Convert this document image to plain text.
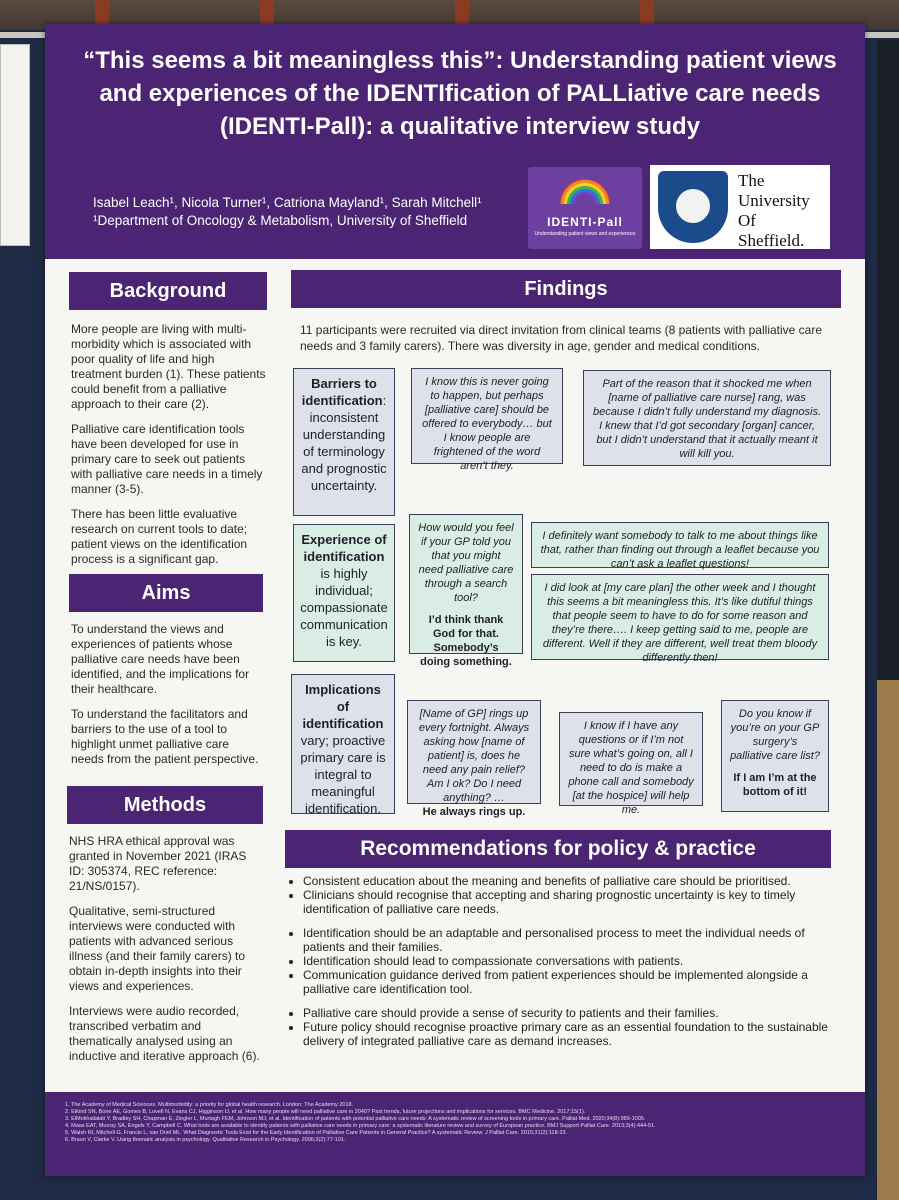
“This seems a bit meaningless this”: Understanding patient views and experiences of the IDENTIfication of PALLiative care needs (IDENTI-Pall): a qualitative interview study
Isabel Leach¹, Nicola Turner¹, Catriona Mayland¹, Sarah Mitchell¹
¹Department of Oncology & Metabolism, University of Sheffield	IDENTI-Pall
Understanding patient views and experiences
The
University
Of
Sheffield.
Background

More people are living with multi-morbidity which is associated with poor quality of life and high treatment burden (1). These patients could benefit from a palliative approach to their care (2).

Palliative care identification tools have been developed for use in primary care to seek out patients with palliative care needs in a timely manner (3-5).

There has been little evaluative research on current tools to date; patient views on the identification process is a significant gap.

Aims

To understand the views and experiences of patients whose palliative care needs have been identified, and the implications for their healthcare.

To understand the facilitators and barriers to the use of a tool to highlight unmet palliative care needs from the patient perspective.

Methods

NHS HRA ethical approval was granted in November 2021 (IRAS ID: 305374, REC reference: 21/NS/0157).

Qualitative, semi-structured interviews were conducted with patients with advanced serious illness (and their family carers) to obtain in-depth insights into their views and experiences.

Interviews were audio recorded, transcribed verbatim and thematically analysed using an inductive and iterative approach (6).

Findings
11 participants were recruited via direct invitation from clinical teams (8 patients with palliative care needs and 3 family carers). There was diversity in age, gender and medical conditions.
Barriers to identification: inconsistent understanding of terminology and prognostic uncertainty.
Experience of identification is highly individual; compassionate communication is key.
Implications of identification vary; proactive primary care is integral to meaningful identification.
I know this is never going to happen, but perhaps [palliative care] should be offered to everybody… but I know people are frightened of the word aren’t they.
Part of the reason that it shocked me when [name of palliative care nurse] rang, was because I didn’t fully understand my diagnosis. I knew that I’d got secondary [organ] cancer, but I didn’t understand that it actually meant it will kill you.
How would you feel if your GP told you that you might need palliative care through a search tool?
I’d think thank God for that. Somebody’s doing something.
I definitely want somebody to talk to me about things like that, rather than finding out through a leaflet because you can’t ask a leaflet questions!
I did look at [my care plan] the other week and I thought this seems a bit meaningless this. It’s like dutiful things that people seem to have to do for some reason and they’re there…. I keep getting said to me, people are different. Well if they are different, well treat them bloody differently then!
[Name of GP] rings up every fortnight. Always asking how [name of patient] is, does he need any pain relief? Am I ok? Do I need anything? …
He always rings up.
I know if I have any questions or if I’m not sure what’s going on, all I need to do is make a phone call and somebody [at the hospice] will help me.
Do you know if you’re on your GP surgery’s palliative care list?
If I am I’m at the bottom of it!
Recommendations for policy & practice
• Consistent education about the meaning and benefits of palliative care should be prioritised.
• Clinicians should recognise that accepting and sharing prognostic uncertainty is key to timely identification of palliative care needs.
• Identification should be an adaptable and personalised process to meet the individual needs of patients and their families.
• Identification should lead to compassionate conversations with patients.
• Communication guidance derived from patient experiences should be implemented alongside a palliative care identification tool.
• Palliative care should provide a sense of security to patients and their families.
• Future policy should recognise proactive primary care as an essential foundation to the sustainable delivery of integrated palliative care as demand increases.
1. The Academy of Medical Sciences. Multimorbidity: a priority for global health research. London: The Academy 2018.
2. Etkind SN, Bone AE, Gomes B, Lovell N, Evans CJ, Higginson IJ, et al. How many people will need palliative care in 2040? Past trends, future projections and implications for services. BMC Medicine. 2017;15(1).
3. ElMokhallalati Y, Bradley SH, Chapman E, Ziegler L, Murtagh FEM, Johnson MJ, et al. Identification of patients with potential palliative care needs: A systematic review of screening tools in primary care. Palliat Med. 2020;34(8):989-1005.
4. Maas EAT, Murray SA, Engels Y, Campbell C. What tools are available to identify patients with palliative care needs in primary care: a systematic literature review and survey of European practice. BMJ Support Palliat Care. 2013;3(4):444-51.
5. Walsh RI, Mitchell G, Francis L, van Driel ML. What Diagnostic Tools Exist for the Early Identification of Palliative Care Patients in General Practice? A systematic Review. J Palliat Care. 2015;31(2):118-23.
6. Braun V, Clarke V. Using thematic analysis in psychology. Qualitative Research in Psychology. 2006;3(2):77-101.
